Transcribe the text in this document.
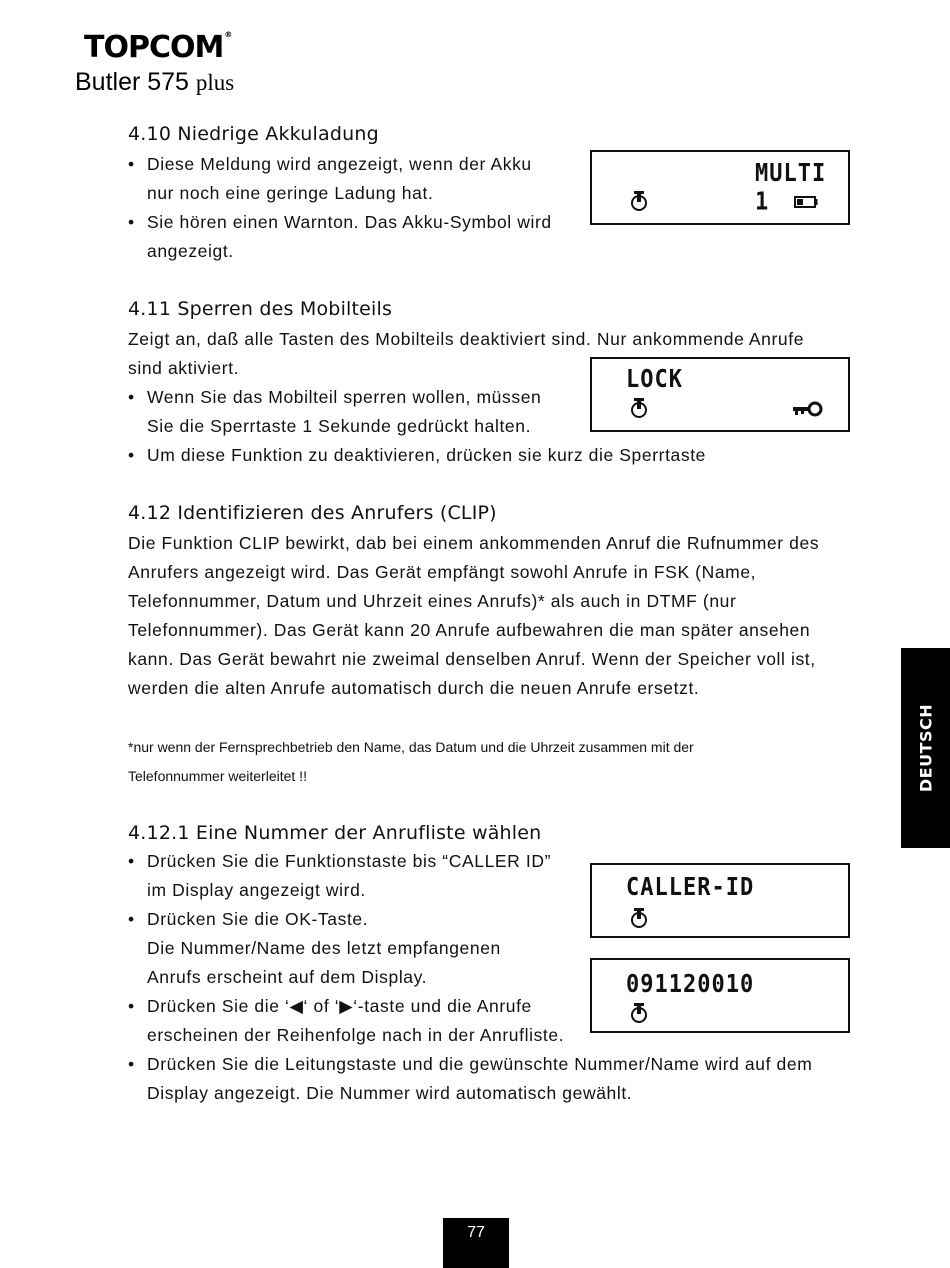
TOPCOM®
Butler 575 plus
4.10 Niedrige Akkuladung
• Diese Meldung wird angezeigt, wenn der Akku
nur noch eine geringe Ladung hat.
• Sie hören einen Warnton. Das Akku-Symbol wird
angezeigt.
MULTI 1
4.11 Sperren des Mobilteils
Zeigt an, daß alle Tasten des Mobilteils deaktiviert sind. Nur ankommende Anrufe
sind aktiviert.
• Wenn Sie das Mobilteil sperren wollen, müssen
Sie die Sperrtaste 1 Sekunde gedrückt halten.
• Um diese Funktion zu deaktivieren, drücken sie kurz die Sperrtaste
LOCK
4.12 Identifizieren des Anrufers (CLIP)
Die Funktion CLIP bewirkt, dab bei einem ankommenden Anruf die Rufnummer des
Anrufers angezeigt wird. Das Gerät empfängt sowohl Anrufe in FSK (Name,
Telefonnummer, Datum und Uhrzeit eines Anrufs)* als auch in DTMF (nur
Telefonnummer). Das Gerät kann 20 Anrufe aufbewahren die man später ansehen
kann. Das Gerät bewahrt nie zweimal denselben Anruf. Wenn der Speicher voll ist,
werden die alten Anrufe automatisch durch die neuen Anrufe ersetzt.
*nur wenn der Fernsprechbetrieb den Name, das Datum und die Uhrzeit zusammen mit der
Telefonnummer weiterleitet !!
4.12.1 Eine Nummer der Anrufliste wählen
• Drücken Sie die Funktionstaste bis “CALLER ID”
im Display angezeigt wird.
• Drücken Sie die OK-Taste.
Die Nummer/Name des letzt empfangenen
Anrufs erscheint auf dem Display.
• Drücken Sie die ‘◀‘ of ‘▶‘-taste und die Anrufe
erscheinen der Reihenfolge nach in der Anrufliste.
• Drücken Sie die Leitungstaste und die gewünschte Nummer/Name wird auf dem
Display angezeigt. Die Nummer wird automatisch gewählt.
CALLER-ID
091120010
DEUTSCH
77
